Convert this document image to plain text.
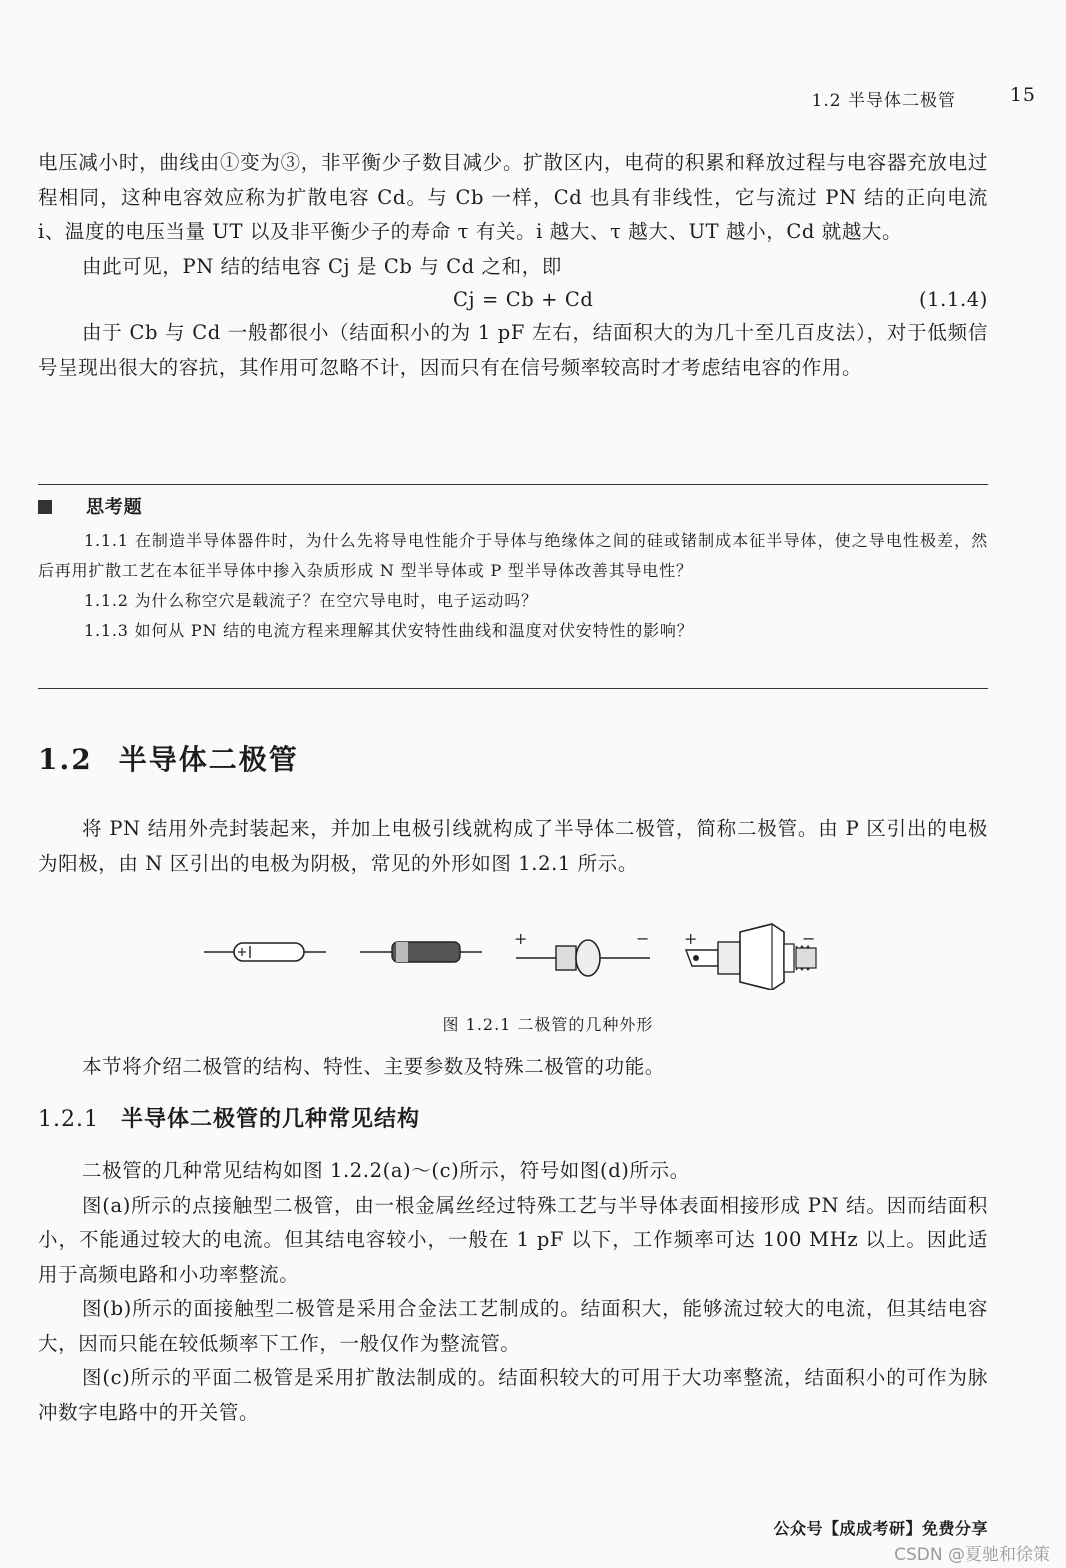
1.2 半导体二极管	15

电压减小时，曲线由①变为③，非平衡少子数目减少。扩散区内，电荷的积累和释放过程与电容器充放电过程相同，这种电容效应称为扩散电容 Cd。与 Cb 一样，Cd 也具有非线性，它与流过 PN 结的正向电流 i、温度的电压当量 UT 以及非平衡少子的寿命 τ 有关。i 越大、τ 越大、UT 越小，Cd 就越大。

由此可见，PN 结的结电容 Cj 是 Cb 与 Cd 之和，即

Cj = Cb + Cd	(1.1.4)

由于 Cb 与 Cd 一般都很小（结面积小的为 1 pF 左右，结面积大的为几十至几百皮法），对于低频信号呈现出很大的容抗，其作用可忽略不计，因而只有在信号频率较高时才考虑结电容的作用。

思考题

1.1.1 在制造半导体器件时，为什么先将导电性能介于导体与绝缘体之间的硅或锗制成本征半导体，使之导电性极差，然后再用扩散工艺在本征半导体中掺入杂质形成 N 型半导体或 P 型半导体改善其导电性？

1.1.2 为什么称空穴是载流子？在空穴导电时，电子运动吗？

1.1.3 如何从 PN 结的电流方程来理解其伏安特性曲线和温度对伏安特性的影响？

1.2 半导体二极管

将 PN 结用外壳封装起来，并加上电极引线就构成了半导体二极管，简称二极管。由 P 区引出的电极为阳极，由 N 区引出的电极为阴极，常见的外形如图 1.2.1 所示。

+	− +	−
图 1.2.1 二极管的几种外形

本节将介绍二极管的结构、特性、主要参数及特殊二极管的功能。

1.2.1 半导体二极管的几种常见结构

二极管的几种常见结构如图 1.2.2(a)～(c)所示，符号如图(d)所示。

图(a)所示的点接触型二极管，由一根金属丝经过特殊工艺与半导体表面相接形成 PN 结。因而结面积小，不能通过较大的电流。但其结电容较小，一般在 1 pF 以下，工作频率可达 100 MHz 以上。因此适用于高频电路和小功率整流。

图(b)所示的面接触型二极管是采用合金法工艺制成的。结面积大，能够流过较大的电流，但其结电容大，因而只能在较低频率下工作，一般仅作为整流管。

图(c)所示的平面二极管是采用扩散法制成的。结面积较大的可用于大功率整流，结面积小的可作为脉冲数字电路中的开关管。

公众号【成成考研】免费分享
CSDN @夏驰和徐策
